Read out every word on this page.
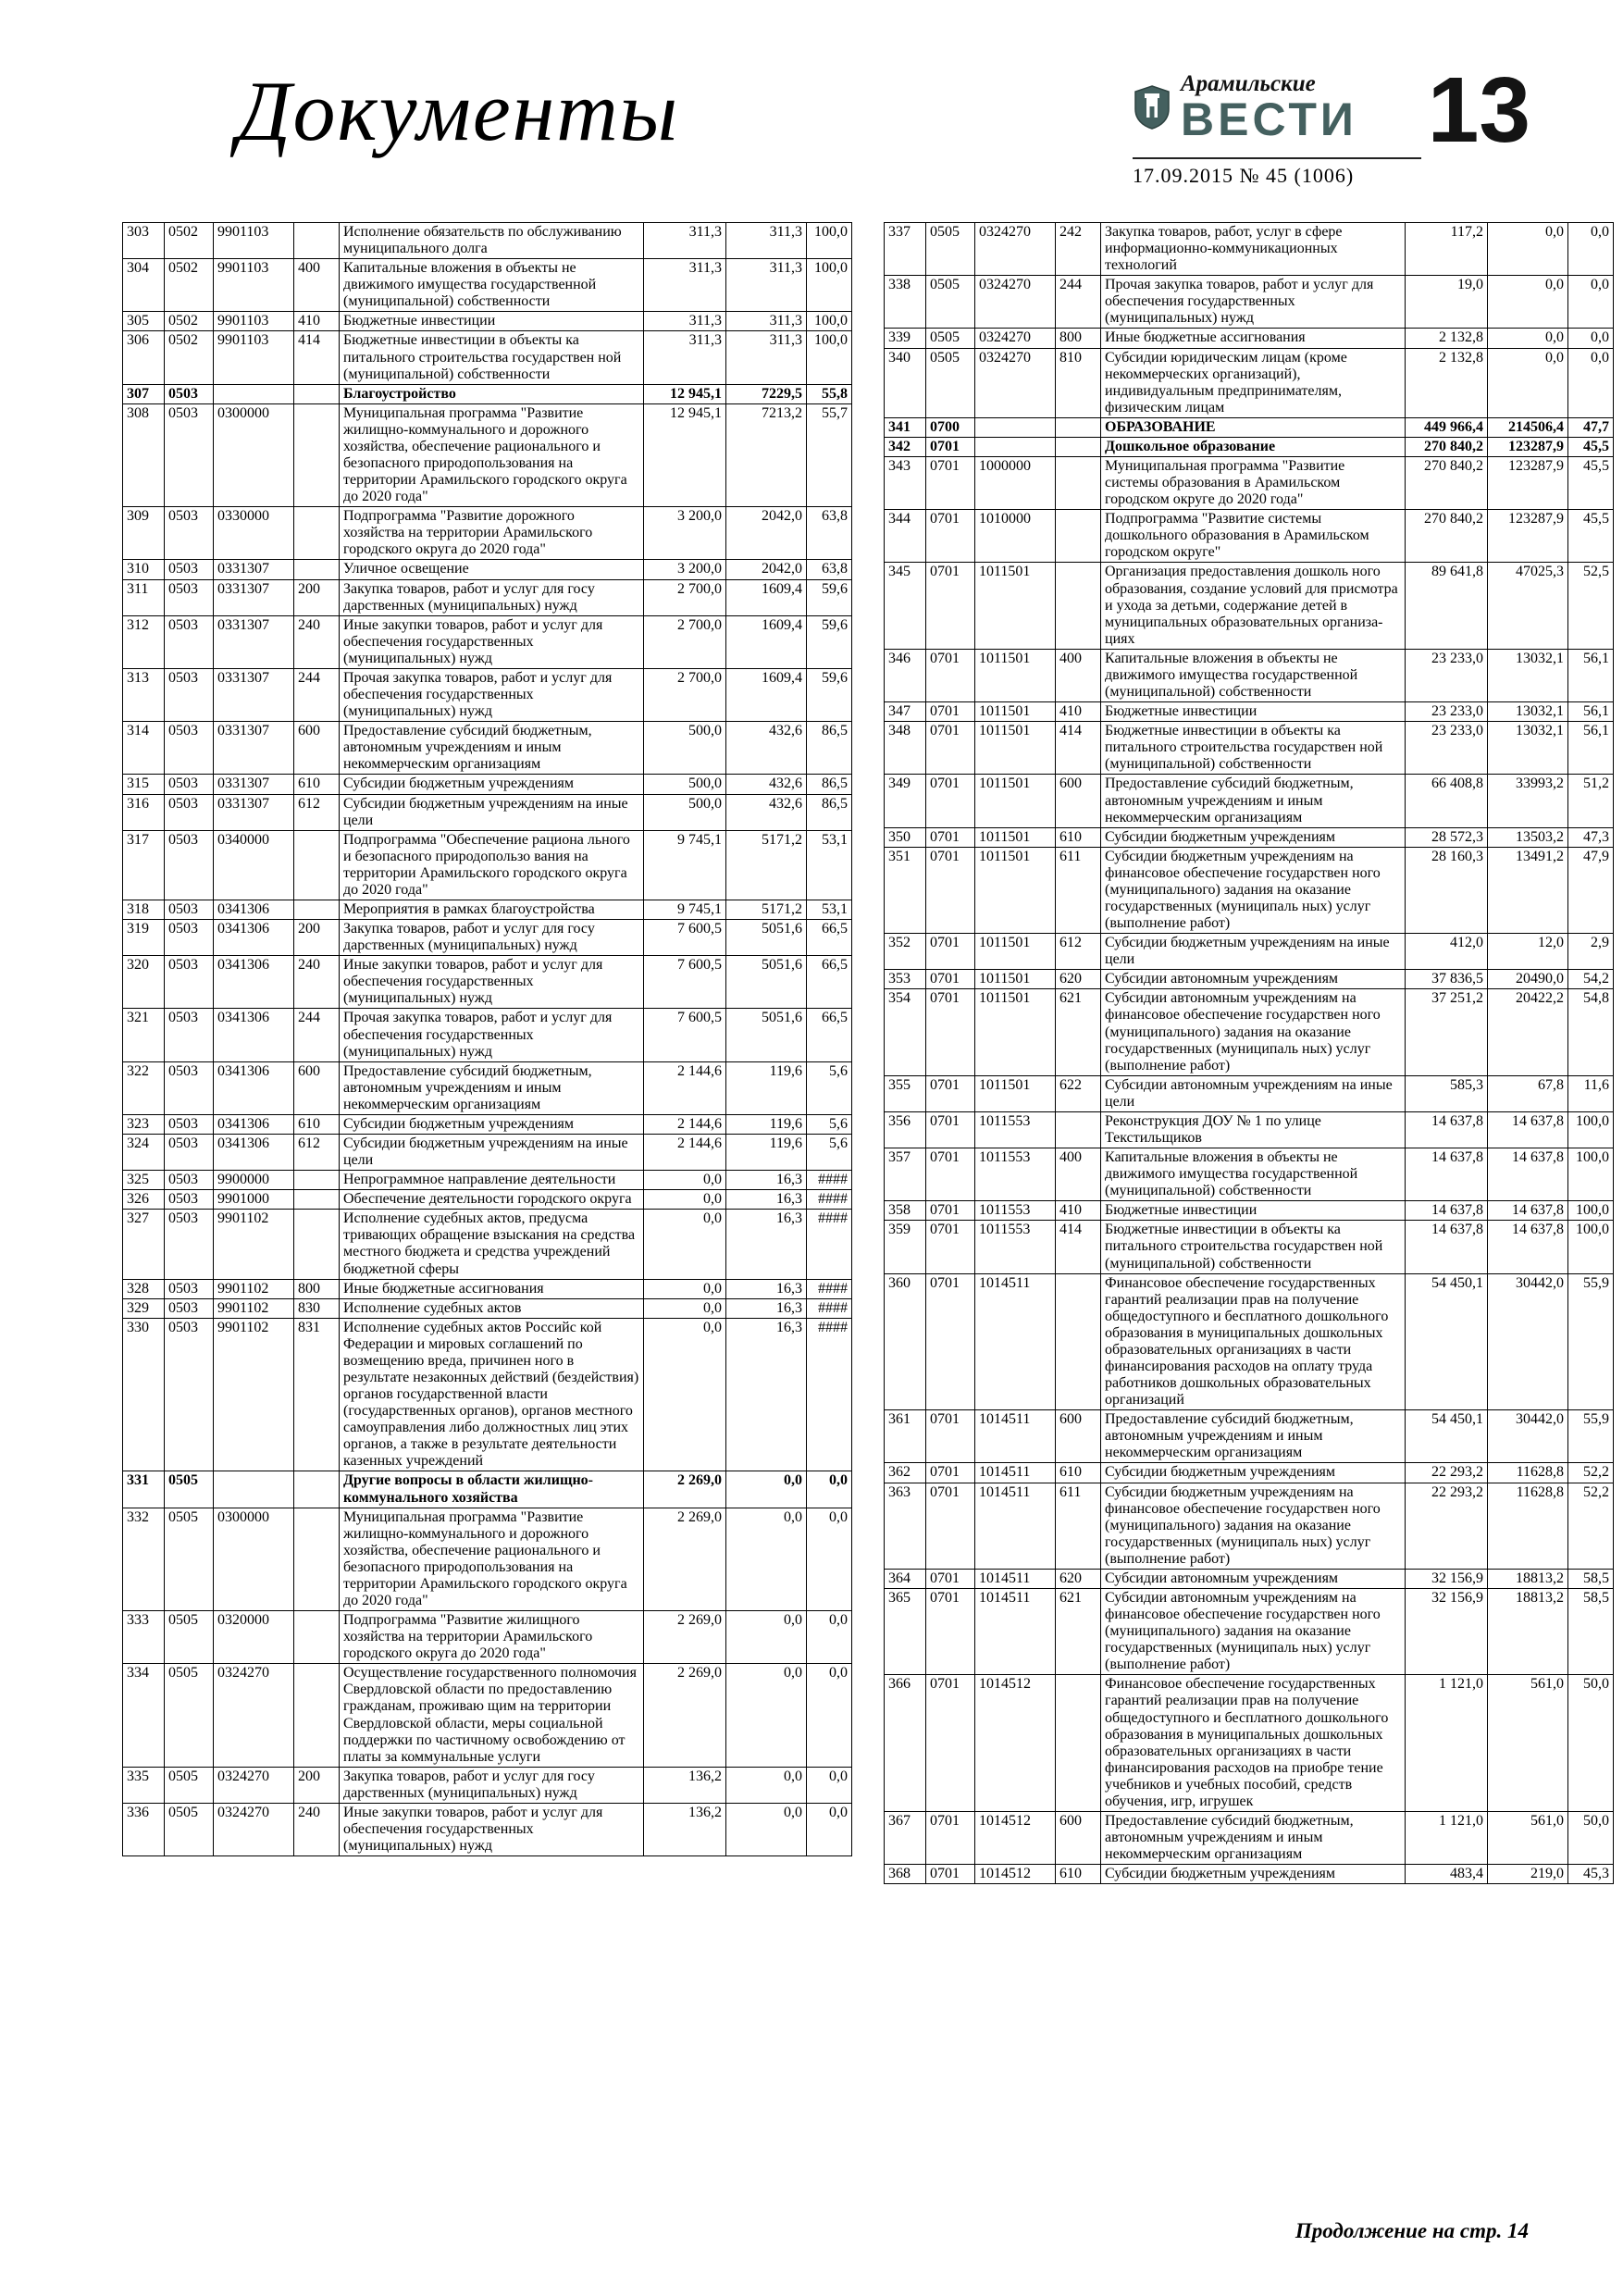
Документы	Арамильские
ВЕСТИ 13
17.09.2015 № 45 (1006)
303	0502	9901103		Исполнение обязательств по обслуживанию муниципального долга	311,3	311,3	100,0
304	0502	9901103	400	Капитальные вложения в объекты не движимого имущества государственной (муниципальной) собственности	311,3	311,3	100,0
305	0502	9901103	410	Бюджетные инвестиции	311,3	311,3	100,0
306	0502	9901103	414	Бюджетные инвестиции в объекты ка питального строительства государствен ной (муниципальной) собственности	311,3	311,3	100,0
307	0503			Благоустройство	12 945,1	7229,5	55,8
308	0503	0300000		Муниципальная программа "Развитие жилищно-коммунального и дорожного хозяйства, обеспечение рационального и безопасного природопользования на территории Арамильского городского округа до 2020 года"	12 945,1	7213,2	55,7
309	0503	0330000		Подпрограмма "Развитие дорожного хозяйства на территории Арамильского городского округа до 2020 года"	3 200,0	2042,0	63,8
310	0503	0331307		Уличное освещение	3 200,0	2042,0	63,8
311	0503	0331307	200	Закупка товаров, работ и услуг для госу дарственных (муниципальных) нужд	2 700,0	1609,4	59,6
312	0503	0331307	240	Иные закупки товаров, работ и услуг для обеспечения государственных (муниципальных) нужд	2 700,0	1609,4	59,6
313	0503	0331307	244	Прочая закупка товаров, работ и услуг для обеспечения государственных (муниципальных) нужд	2 700,0	1609,4	59,6
314	0503	0331307	600	Предоставление субсидий бюджетным, автономным учреждениям и иным некоммерческим организациям	500,0	432,6	86,5
315	0503	0331307	610	Субсидии бюджетным учреждениям	500,0	432,6	86,5
316	0503	0331307	612	Субсидии бюджетным учреждениям на иные цели	500,0	432,6	86,5
317	0503	0340000		Подпрограмма "Обеспечение рациона льного и безопасного природопользо вания на территории Арамильского городского округа до 2020 года"	9 745,1	5171,2	53,1
318	0503	0341306		Мероприятия в рамках благоустройства	9 745,1	5171,2	53,1
319	0503	0341306	200	Закупка товаров, работ и услуг для госу дарственных (муниципальных) нужд	7 600,5	5051,6	66,5
320	0503	0341306	240	Иные закупки товаров, работ и услуг для обеспечения государственных (муниципальных) нужд	7 600,5	5051,6	66,5
321	0503	0341306	244	Прочая закупка товаров, работ и услуг для обеспечения государственных (муниципальных) нужд	7 600,5	5051,6	66,5
322	0503	0341306	600	Предоставление субсидий бюджетным, автономным учреждениям и иным некоммерческим организациям	2 144,6	119,6	5,6
323	0503	0341306	610	Субсидии бюджетным учреждениям	2 144,6	119,6	5,6
324	0503	0341306	612	Субсидии бюджетным учреждениям на иные цели	2 144,6	119,6	5,6
325	0503	9900000		Непрограммное направление деятельности	0,0	16,3	####
326	0503	9901000		Обеспечение деятельности городского округа	0,0	16,3	####
327	0503	9901102		Исполнение судебных актов, предусма тривающих обращение взыскания на средства местного бюджета и средства учреждений бюджетной сферы	0,0	16,3	####
328	0503	9901102	800	Иные бюджетные ассигнования	0,0	16,3	####
329	0503	9901102	830	Исполнение судебных актов	0,0	16,3	####
330	0503	9901102	831	Исполнение судебных актов Российс кой Федерации и мировых соглашений по возмещению вреда, причинен ного в результате незаконных действий (бездействия) органов государственной власти (государственных органов), органов местного самоуправления либо должностных лиц этих органов, а также в результате деятельности казенных учреждений	0,0	16,3	####
331	0505			Другие вопросы в области жилищно-коммунального хозяйства	2 269,0	0,0	0,0
332	0505	0300000		Муниципальная программа "Развитие жилищно-коммунального и дорожного хозяйства, обеспечение рационального и безопасного природопользования на территории Арамильского городского округа до 2020 года"	2 269,0	0,0	0,0
333	0505	0320000		Подпрограмма "Развитие жилищного хозяйства на территории Арамильского городского округа до 2020 года"	2 269,0	0,0	0,0
334	0505	0324270		Осуществление государственного полномочия Свердловской области по предоставлению гражданам, проживаю щим на территории Свердловской области, меры социальной поддержки по частичному освобождению от платы за коммунальные услуги	2 269,0	0,0	0,0
335	0505	0324270	200	Закупка товаров, работ и услуг для госу дарственных (муниципальных) нужд	136,2	0,0	0,0
336	0505	0324270	240	Иные закупки товаров, работ и услуг для обеспечения государственных (муниципальных) нужд	136,2	0,0	0,0
337	0505	0324270	242	Закупка товаров, работ, услуг в сфере информационно-коммуникационных технологий	117,2	0,0	0,0
338	0505	0324270	244	Прочая закупка товаров, работ и услуг для обеспечения государственных (муниципальных) нужд	19,0	0,0	0,0
339	0505	0324270	800	Иные бюджетные ассигнования	2 132,8	0,0	0,0
340	0505	0324270	810	Субсидии юридическим лицам (кроме некоммерческих организаций), индивидуальным предпринимателям, физическим лицам	2 132,8	0,0	0,0
341	0700			ОБРАЗОВАНИЕ	449 966,4	214506,4	47,7
342	0701			Дошкольное образование	270 840,2	123287,9	45,5
343	0701	1000000		Муниципальная программа "Развитие системы образования в Арамильском городском округе до 2020 года"	270 840,2	123287,9	45,5
344	0701	1010000		Подпрограмма "Развитие системы дошкольного образования в Арамильском городском округе"	270 840,2	123287,9	45,5
345	0701	1011501		Организация предоставления дошколь ного образования, создание условий для присмотра и ухода за детьми, содержание детей в муниципальных образовательных организациях	89 641,8	47025,3	52,5
346	0701	1011501	400	Капитальные вложения в объекты не движимого имущества государственной (муниципальной) собственности	23 233,0	13032,1	56,1
347	0701	1011501	410	Бюджетные инвестиции	23 233,0	13032,1	56,1
348	0701	1011501	414	Бюджетные инвестиции в объекты ка питального строительства государствен ной (муниципальной) собственности	23 233,0	13032,1	56,1
349	0701	1011501	600	Предоставление субсидий бюджетным, автономным учреждениям и иным некоммерческим организациям	66 408,8	33993,2	51,2
350	0701	1011501	610	Субсидии бюджетным учреждениям	28 572,3	13503,2	47,3
351	0701	1011501	611	Субсидии бюджетным учреждениям на финансовое обеспечение государствен ного (муниципального) задания на оказание государственных (муниципаль ных) услуг (выполнение работ)	28 160,3	13491,2	47,9
352	0701	1011501	612	Субсидии бюджетным учреждениям на иные цели	412,0	12,0	2,9
353	0701	1011501	620	Субсидии автономным учреждениям	37 836,5	20490,0	54,2
354	0701	1011501	621	Субсидии автономным учреждениям на финансовое обеспечение государствен ного (муниципального) задания на оказание государственных (муниципаль ных) услуг (выполнение работ)	37 251,2	20422,2	54,8
355	0701	1011501	622	Субсидии автономным учреждениям на иные цели	585,3	67,8	11,6
356	0701	1011553		Реконструкция ДОУ № 1 по улице Текстильщиков	14 637,8	14 637,8	100,0
357	0701	1011553	400	Капитальные вложения в объекты не движимого имущества государственной (муниципальной) собственности	14 637,8	14 637,8	100,0
358	0701	1011553	410	Бюджетные инвестиции	14 637,8	14 637,8	100,0
359	0701	1011553	414	Бюджетные инвестиции в объекты ка питального строительства государствен ной (муниципальной) собственности	14 637,8	14 637,8	100,0
360	0701	1014511		Финансовое обеспечение государственных гарантий реализации прав на получение общедоступного и бесплатного дошкольного образования в муниципальных дошкольных образовательных организациях в части финансирования расходов на оплату труда работников дошкольных образовательных организаций	54 450,1	30442,0	55,9
361	0701	1014511	600	Предоставление субсидий бюджетным, автономным учреждениям и иным некоммерческим организациям	54 450,1	30442,0	55,9
362	0701	1014511	610	Субсидии бюджетным учреждениям	22 293,2	11628,8	52,2
363	0701	1014511	611	Субсидии бюджетным учреждениям на финансовое обеспечение государствен ного (муниципального) задания на оказание государственных (муниципаль ных) услуг (выполнение работ)	22 293,2	11628,8	52,2
364	0701	1014511	620	Субсидии автономным учреждениям	32 156,9	18813,2	58,5
365	0701	1014511	621	Субсидии автономным учреждениям на финансовое обеспечение государствен ного (муниципального) задания на оказание государственных (муниципаль ных) услуг (выполнение работ)	32 156,9	18813,2	58,5
366	0701	1014512		Финансовое обеспечение государственных гарантий реализации прав на получение общедоступного и бесплатного дошкольного образования в муниципальных дошкольных образовательных организациях в части финансирования расходов на приобре тение учебников и учебных пособий, средств обучения, игр, игрушек	1 121,0	561,0	50,0
367	0701	1014512	600	Предоставление субсидий бюджетным, автономным учреждениям и иным некоммерческим организациям	1 121,0	561,0	50,0
368	0701	1014512	610	Субсидии бюджетным учреждениям	483,4	219,0	45,3
Продолжение на стр. 14
